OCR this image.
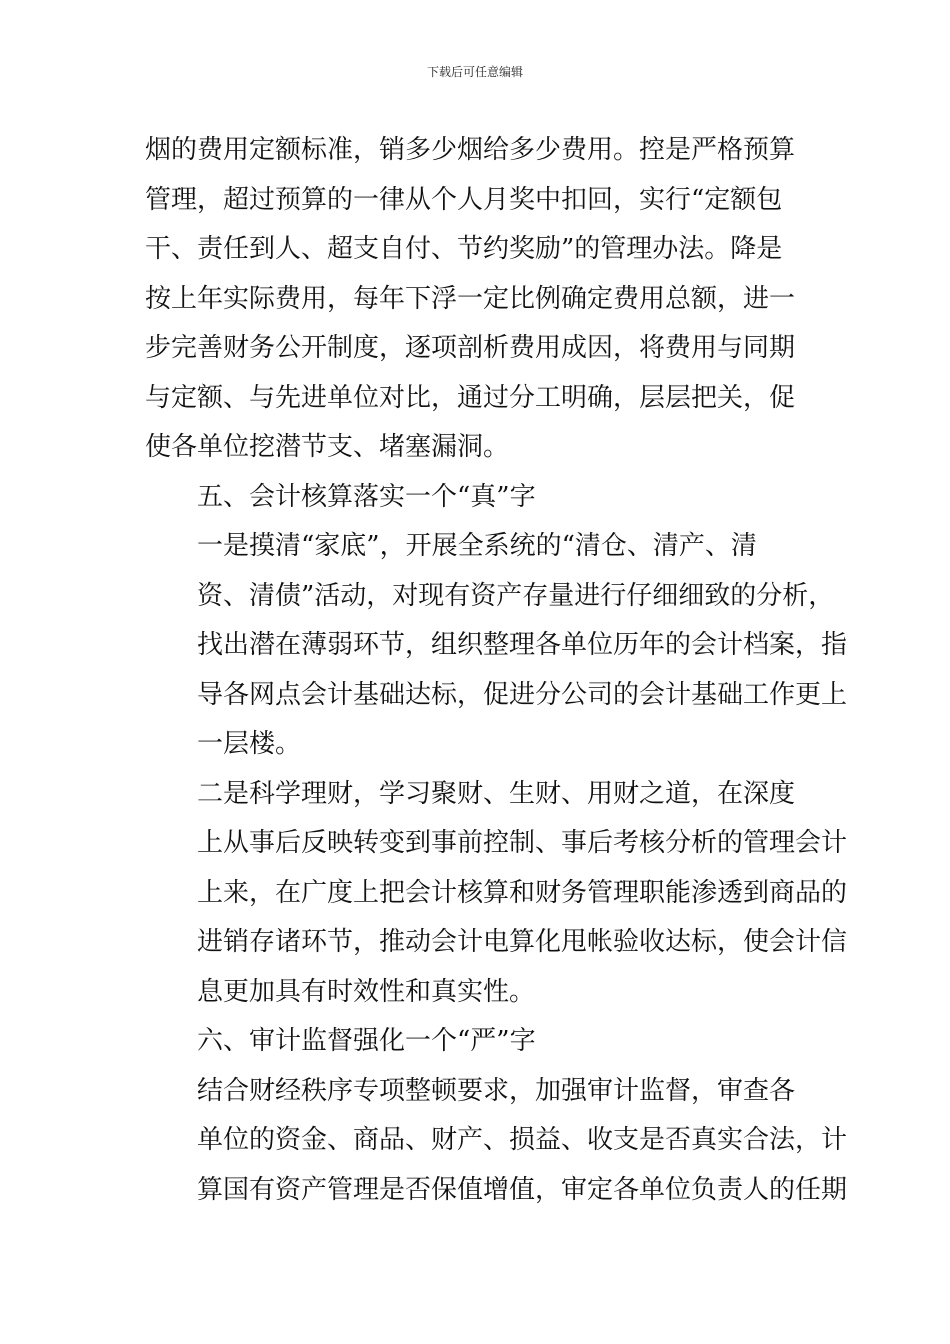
下载后可任意编辑

烟的费用定额标准，销多少烟给多少费用。控是严格预算
管理，超过预算的一律从个人月奖中扣回，实行“定额包
干、责任到人、超支自付、节约奖励”的管理办法。降是
按上年实际费用，每年下浮一定比例确定费用总额，进一
步完善财务公开制度，逐项剖析费用成因，将费用与同期
与定额、与先进单位对比，通过分工明确，层层把关，促
使各单位挖潜节支、堵塞漏洞。

五、会计核算落实一个“真”字

一是摸清“家底”，开展全系统的“清仓、清产、清
资、清债”活动，对现有资产存量进行仔细细致的分析，
找出潜在薄弱环节，组织整理各单位历年的会计档案，指
导各网点会计基础达标，促进分公司的会计基础工作更上
一层楼。

二是科学理财，学习聚财、生财、用财之道，在深度
上从事后反映转变到事前控制、事后考核分析的管理会计
上来，在广度上把会计核算和财务管理职能渗透到商品的
进销存诸环节，推动会计电算化甩帐验收达标，使会计信
息更加具有时效性和真实性。

六、审计监督强化一个“严”字

结合财经秩序专项整顿要求，加强审计监督，审查各
单位的资金、商品、财产、损益、收支是否真实合法，计
算国有资产管理是否保值增值，审定各单位负责人的任期
